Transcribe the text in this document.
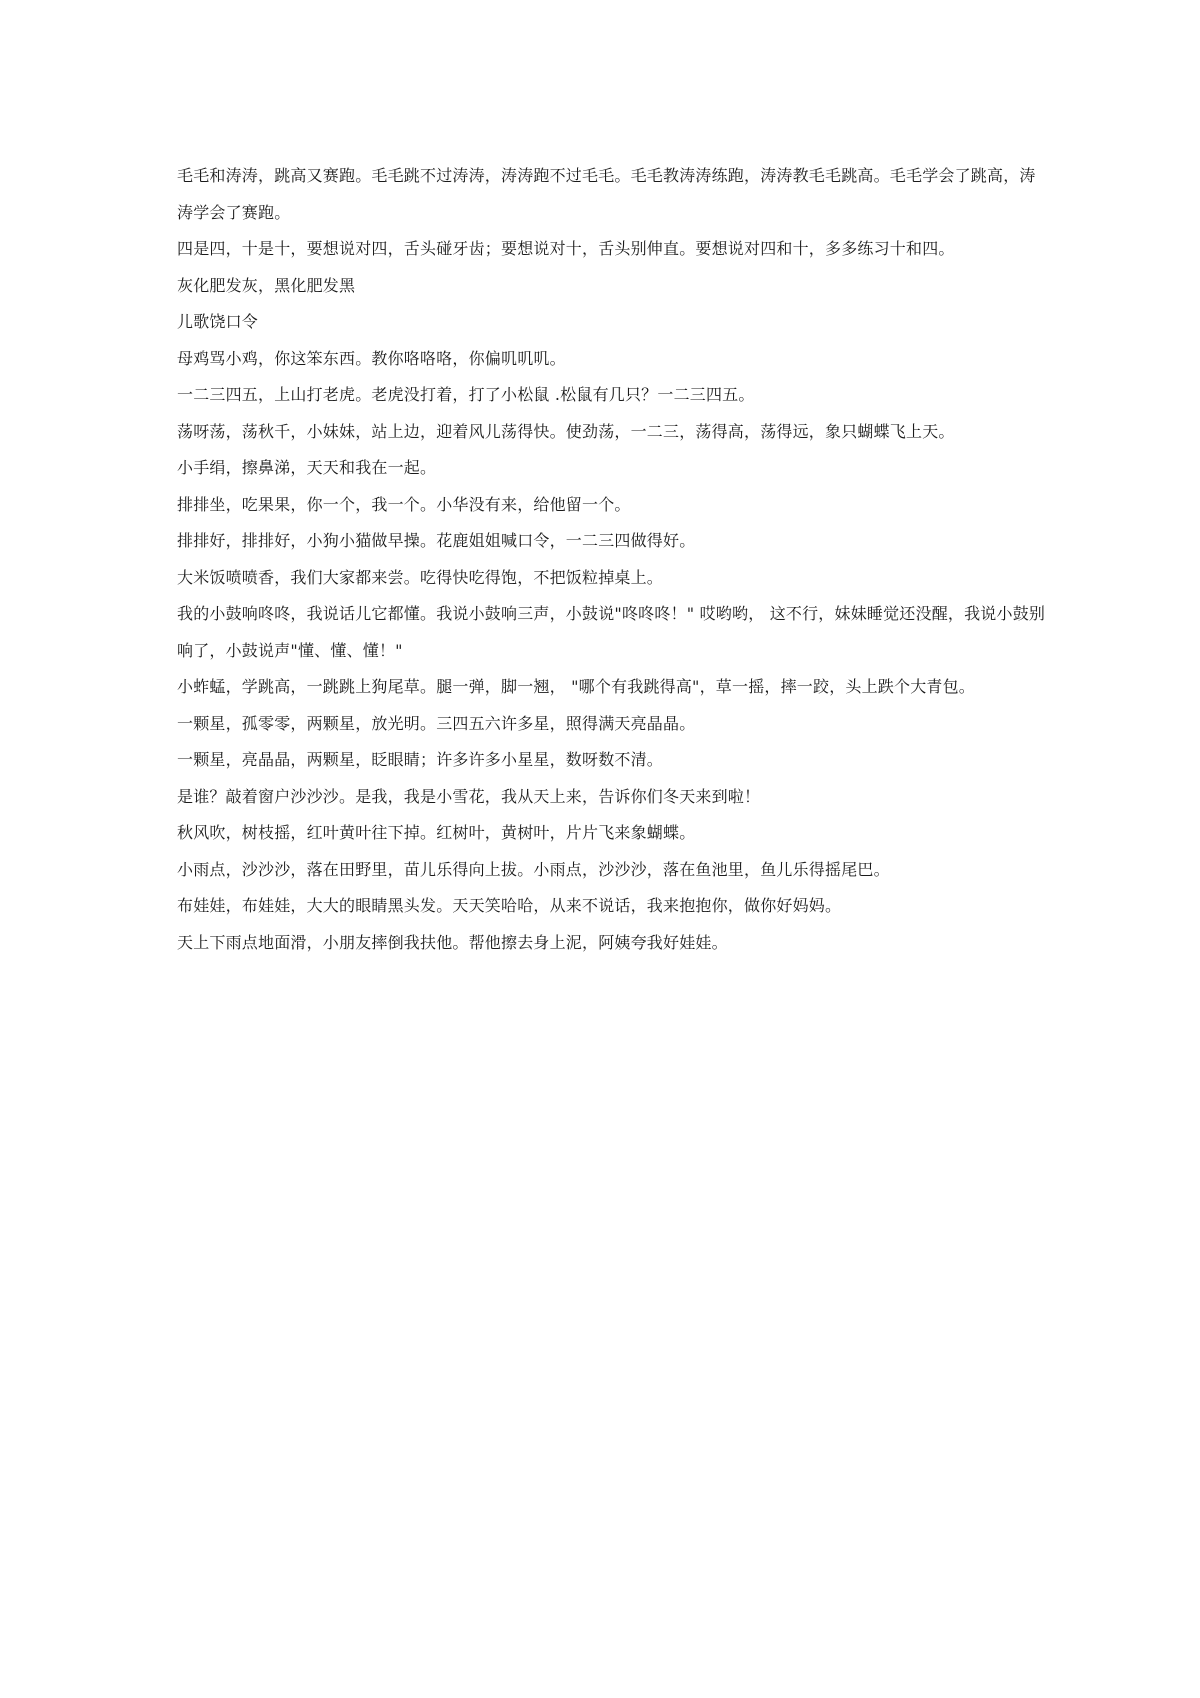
毛毛和涛涛，跳高又赛跑。毛毛跳不过涛涛，涛涛跑不过毛毛。毛毛教涛涛练跑，涛涛教毛毛跳高。毛毛学会了跳高，涛涛学会了赛跑。

四是四，十是十，要想说对四，舌头碰牙齿；要想说对十，舌头别伸直。要想说对四和十，多多练习十和四。

灰化肥发灰，黑化肥发黑

儿歌饶口令

母鸡骂小鸡，你这笨东西。教你咯咯咯，你偏叽叽叽。

一二三四五，上山打老虎。老虎没打着，打了小松鼠 .松鼠有几只？一二三四五。

荡呀荡，荡秋千，小妹妹，站上边，迎着风儿荡得快。使劲荡，一二三，荡得高，荡得远，象只蝴蝶飞上天。

小手绢，擦鼻涕，天天和我在一起。

排排坐，吃果果，你一个，我一个。小华没有来，给他留一个。

排排好，排排好，小狗小猫做早操。花鹿姐姐喊口令，一二三四做得好。

大米饭喷喷香，我们大家都来尝。吃得快吃得饱，不把饭粒掉桌上。

我的小鼓响咚咚，我说话儿它都懂。我说小鼓响三声，小鼓说"咚咚咚！" 哎哟哟， 这不行，妹妹睡觉还没醒，我说小鼓别响了，小鼓说声"懂、懂、懂！"

小蚱蜢，学跳高，一跳跳上狗尾草。腿一弹，脚一翘， "哪个有我跳得高"，草一摇，摔一跤，头上跌个大青包。

一颗星，孤零零，两颗星，放光明。三四五六许多星，照得满天亮晶晶。

一颗星，亮晶晶，两颗星，眨眼睛；许多许多小星星，数呀数不清。

是谁？敲着窗户沙沙沙。是我，我是小雪花，我从天上来，告诉你们冬天来到啦！

秋风吹，树枝摇，红叶黄叶往下掉。红树叶，黄树叶，片片飞来象蝴蝶。

小雨点，沙沙沙，落在田野里，苗儿乐得向上拔。小雨点，沙沙沙，落在鱼池里，鱼儿乐得摇尾巴。

布娃娃，布娃娃，大大的眼睛黑头发。天天笑哈哈，从来不说话，我来抱抱你，做你好妈妈。

天上下雨点地面滑，小朋友摔倒我扶他。帮他擦去身上泥，阿姨夸我好娃娃。
